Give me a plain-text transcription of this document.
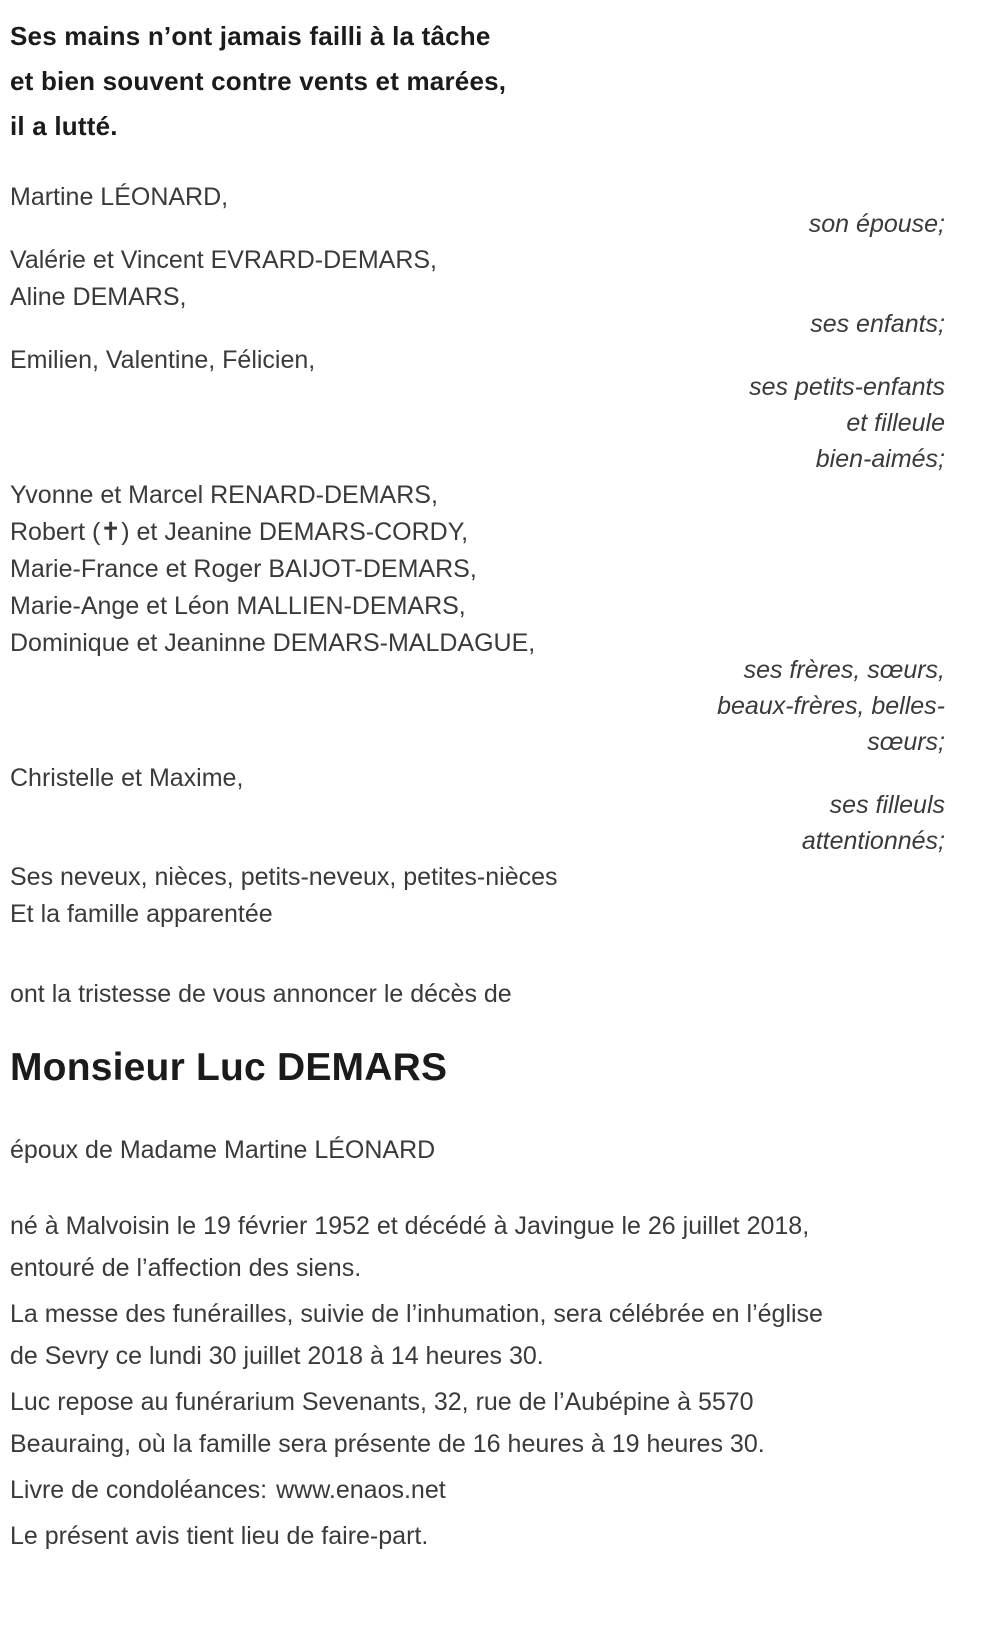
Ses mains n’ont jamais failli à la tâche
et bien souvent contre vents et marées,
il a lutté.
Martine LÉONARD,
son épouse;
Valérie et Vincent EVRARD-DEMARS,
Aline DEMARS,
ses enfants;
Emilien, Valentine, Félicien,
ses petits-enfants
et filleule
bien-aimés;
Yvonne et Marcel RENARD-DEMARS,
Robert (✝) et Jeanine DEMARS-CORDY,
Marie-France et Roger BAIJOT-DEMARS,
Marie-Ange et Léon MALLIEN-DEMARS,
Dominique et Jeaninne DEMARS-MALDAGUE,
ses frères, sœurs,
beaux-frères, belles-
sœurs;
Christelle et Maxime,
ses filleuls
attentionnés;
Ses neveux, nièces, petits-neveux, petites-nièces
Et la famille apparentée

ont la tristesse de vous annoncer le décès de

Monsieur Luc DEMARS

époux de Madame Martine LÉONARD

né à Malvoisin le 19 février 1952 et décédé à Javingue le 26 juillet 2018,
entouré de l’affection des siens.
La messe des funérailles, suivie de l’inhumation, sera célébrée en l’église
de Sevry ce lundi 30 juillet 2018 à 14 heures 30.
Luc repose au funérarium Sevenants, 32, rue de l’Aubépine à 5570
Beauraing, où la famille sera présente de 16 heures à 19 heures 30.
Livre de condoléances: www.enaos.net
Le présent avis tient lieu de faire-part.
